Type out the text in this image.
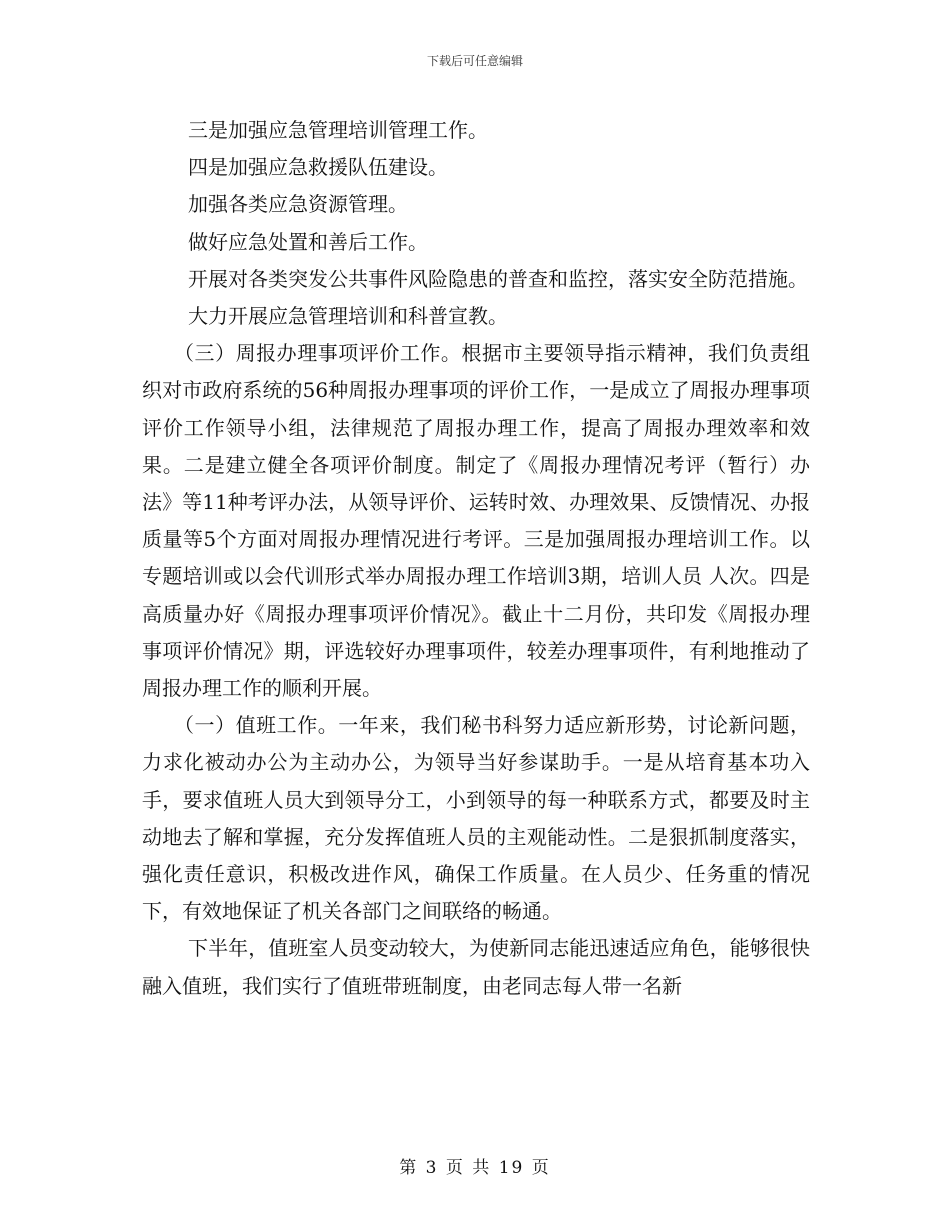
下载后可任意编辑

三是加强应急管理培训管理工作。

四是加强应急救援队伍建设。

加强各类应急资源管理。

做好应急处置和善后工作。

开展对各类突发公共事件风险隐患的普查和监控，落实安全防范措施。

大力开展应急管理培训和科普宣教。

（三）周报办理事项评价工作。根据市主要领导指示精神，我们负责组织对市政府系统的56种周报办理事项的评价工作，一是成立了周报办理事项评价工作领导小组，法律规范了周报办理工作，提高了周报办理效率和效果。二是建立健全各项评价制度。制定了《周报办理情况考评（暂行）办法》等11种考评办法，从领导评价、运转时效、办理效果、反馈情况、办报质量等5个方面对周报办理情况进行考评。三是加强周报办理培训工作。以专题培训或以会代训形式举办周报办理工作培训3期，培训人员 人次。四是高质量办好《周报办理事项评价情况》。截止十二月份，共印发《周报办理事项评价情况》期，评选较好办理事项件，较差办理事项件，有利地推动了周报办理工作的顺利开展。

（一）值班工作。一年来，我们秘书科努力适应新形势，讨论新问题，力求化被动办公为主动办公，为领导当好参谋助手。一是从培育基本功入手，要求值班人员大到领导分工，小到领导的每一种联系方式，都要及时主动地去了解和掌握，充分发挥值班人员的主观能动性。二是狠抓制度落实，强化责任意识，积极改进作风，确保工作质量。在人员少、任务重的情况下，有效地保证了机关各部门之间联络的畅通。

下半年，值班室人员变动较大，为使新同志能迅速适应角色，能够很快融入值班，我们实行了值班带班制度，由老同志每人带一名新

第 3 页 共 19 页
